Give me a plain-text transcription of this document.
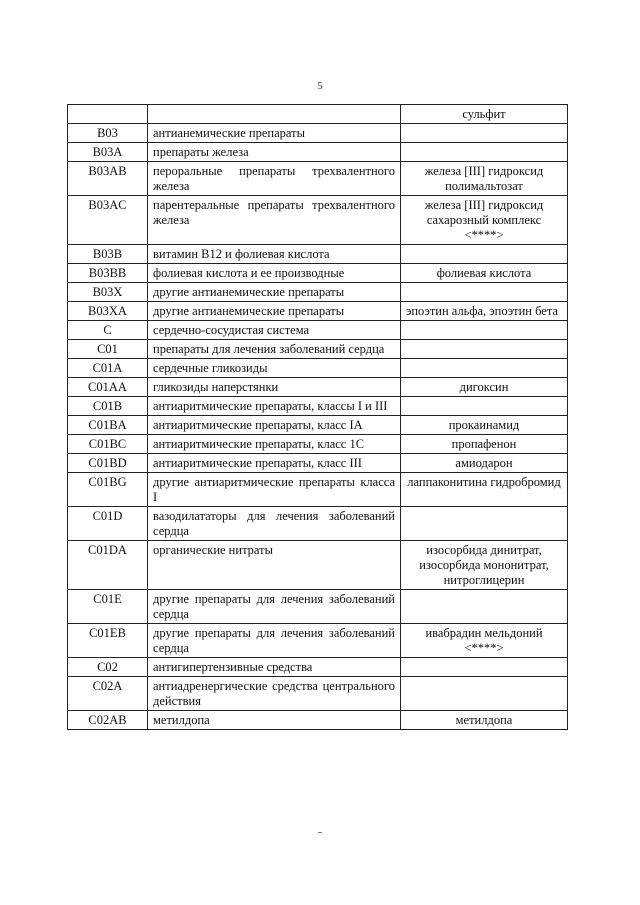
5
		сульфит
B03	антианемические препараты	
B03A	препараты железа	
B03AB	пероральные препараты трехвалентного железа	железа [III] гидроксид полимальтозат
B03AC	парентеральные препараты трехвалентного железа	железа [III] гидроксид сахарозный комплекс <****>
B03B	витамин B12 и фолиевая кислота	
B03BB	фолиевая кислота и ее производные	фолиевая кислота
B03X	другие антианемические препараты	
B03XA	другие антианемические препараты	эпоэтин альфа, эпоэтин бета
C	сердечно-сосудистая система	
C01	препараты для лечения заболеваний сердца	
C01A	сердечные гликозиды	
C01AA	гликозиды наперстянки	дигоксин
C01B	антиаритмические препараты, классы I и III	
C01BA	антиаритмические препараты, класс IA	прокаинамид
C01BC	антиаритмические препараты, класс 1C	пропафенон
C01BD	антиаритмические препараты, класс III	амиодарон
C01BG	другие антиаритмические препараты класса I	лаппаконитина гидробромид
C01D	вазодилататоры для лечения заболеваний сердца	
C01DA	органические нитраты	изосорбида динитрат, изосорбида мононитрат, нитроглицерин
C01E	другие препараты для лечения заболеваний сердца	
C01EB	другие препараты для лечения заболеваний сердца	ивабрадин мельдоний <****>
C02	антигипертензивные средства	
C02A	антиадренергические средства центрального действия	
C02AB	метилдопа	метилдопа
